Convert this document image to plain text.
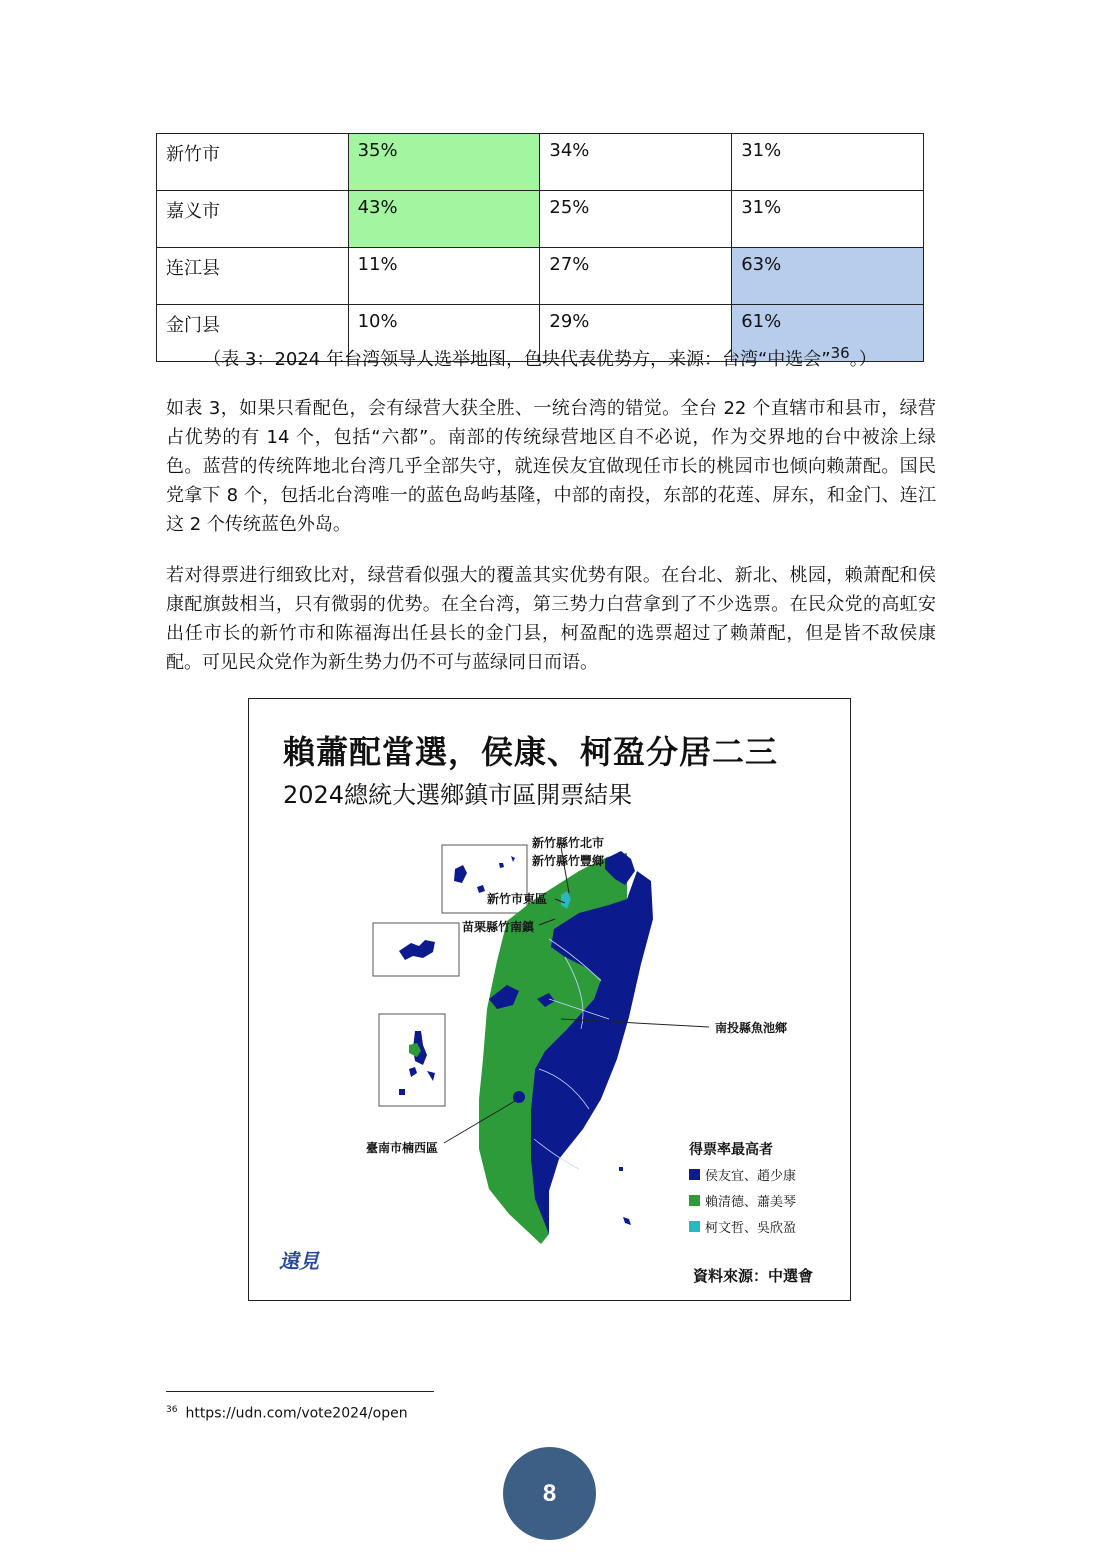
新竹市	35%	34%	31%
嘉义市	43%	25%	31%
连江县	11%	27%	63%
金门县	10%	29%	61%
（表 3：2024 年台湾领导人选举地图，色块代表优势方，来源：台湾“中选会”$^{36}$。）
如表 3，如果只看配色，会有绿营大获全胜、一统台湾的错觉。全台 22 个直辖市和县市，绿营占优势的有 14 个，包括“六都”。南部的传统绿营地区自不必说，作为交界地的台中被涂上绿色。蓝营的传统阵地北台湾几乎全部失守，就连侯友宜做现任市长的桃园市也倾向赖萧配。国民党拿下 8 个，包括北台湾唯一的蓝色岛屿基隆，中部的南投，东部的花莲、屏东，和金门、连江这 2 个传统蓝色外岛。
若对得票进行细致比对，绿营看似强大的覆盖其实优势有限。在台北、新北、桃园，赖萧配和侯康配旗鼓相当，只有微弱的优势。在全台湾，第三势力白营拿到了不少选票。在民众党的高虹安出任市长的新竹市和陈福海出任县长的金门县，柯盈配的选票超过了赖萧配，但是皆不敌侯康配。可见民众党作为新生势力仍不可与蓝绿同日而语。
賴蕭配當選，侯康、柯盈分居二三
2024總統大選鄉鎮市區開票結果
新竹縣竹北市
新竹縣竹豐鄉
新竹市東區
苗栗縣竹南鎮
南投縣魚池鄉
臺南市楠西區	得票率最高者
侯友宜、趙少康
賴清德、蕭美琴
柯文哲、吳欣盈
遠見
資料來源：中選會
$^{36}$ https://udn.com/vote2024/open
8
